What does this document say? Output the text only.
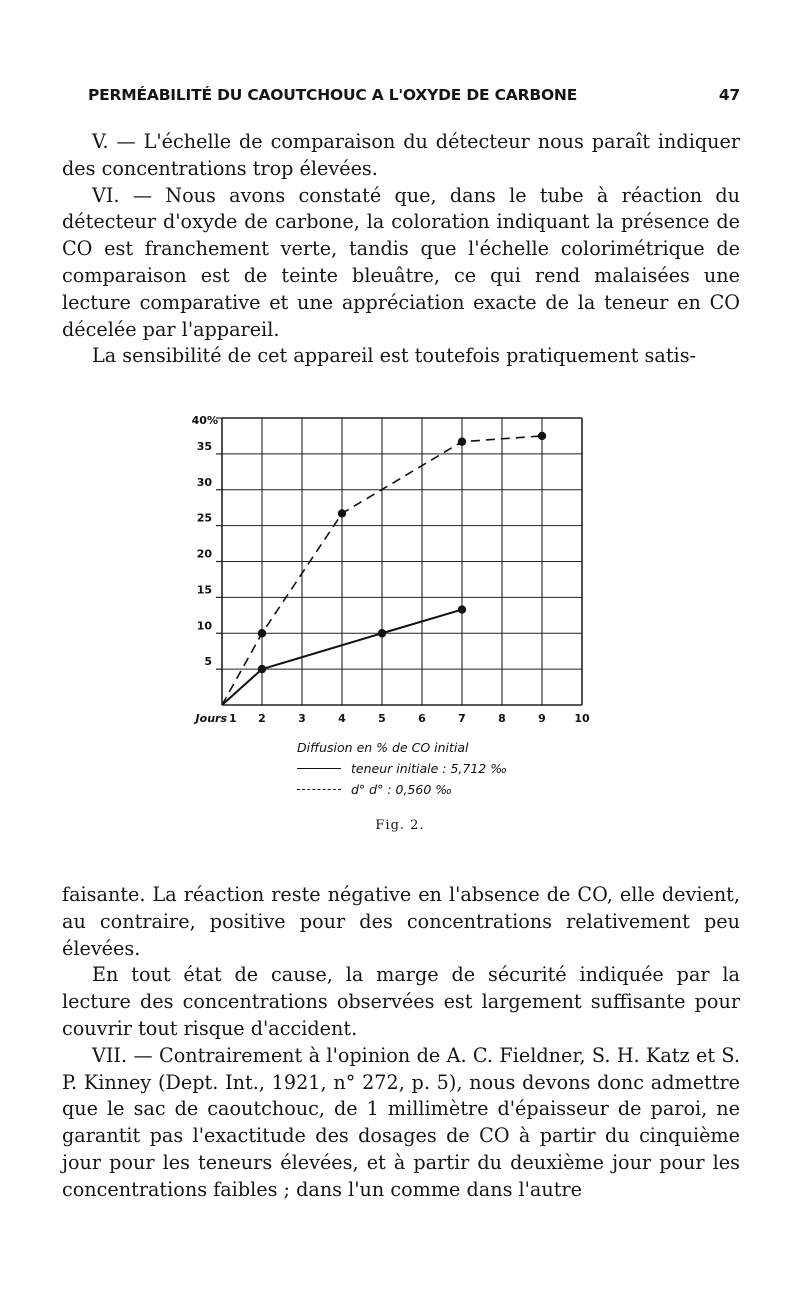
PERMÉABILITÉ DU CAOUTCHOUC A L'OXYDE DE CARBONE	47

V. — L'échelle de comparaison du détecteur nous paraît indiquer des concentrations trop élevées.

VI. — Nous avons constaté que, dans le tube à réaction du détecteur d'oxyde de carbone, la coloration indiquant la présence de CO est franchement verte, tandis que l'échelle colorimétrique de comparaison est de teinte bleuâtre, ce qui rend malaisées une lecture comparative et une appréciation exacte de la teneur en CO décelée par l'appareil.

La sensibilité de cet appareil est toutefois pratiquement satis-

5
10
15
20
25
30
35
40%
Jours 1 2	3	4	5	6	7	8	9	10
Diffusion en % de CO initial
teneur initiale : 5,712 ‰
d° d° : 0,560 ‰
Fig. 2.

faisante. La réaction reste négative en l'absence de CO, elle devient, au contraire, positive pour des concentrations relativement peu élevées.

En tout état de cause, la marge de sécurité indiquée par la lecture des concentrations observées est largement suffisante pour couvrir tout risque d'accident.

VII. — Contrairement à l'opinion de A. C. Fieldner, S. H. Katz et S. P. Kinney (Dept. Int., 1921, n° 272, p. 5), nous devons donc admettre que le sac de caoutchouc, de 1 millimètre d'épaisseur de paroi, ne garantit pas l'exactitude des dosages de CO à partir du cinquième jour pour les teneurs élevées, et à partir du deuxième jour pour les concentrations faibles ; dans l'un comme dans l'autre
